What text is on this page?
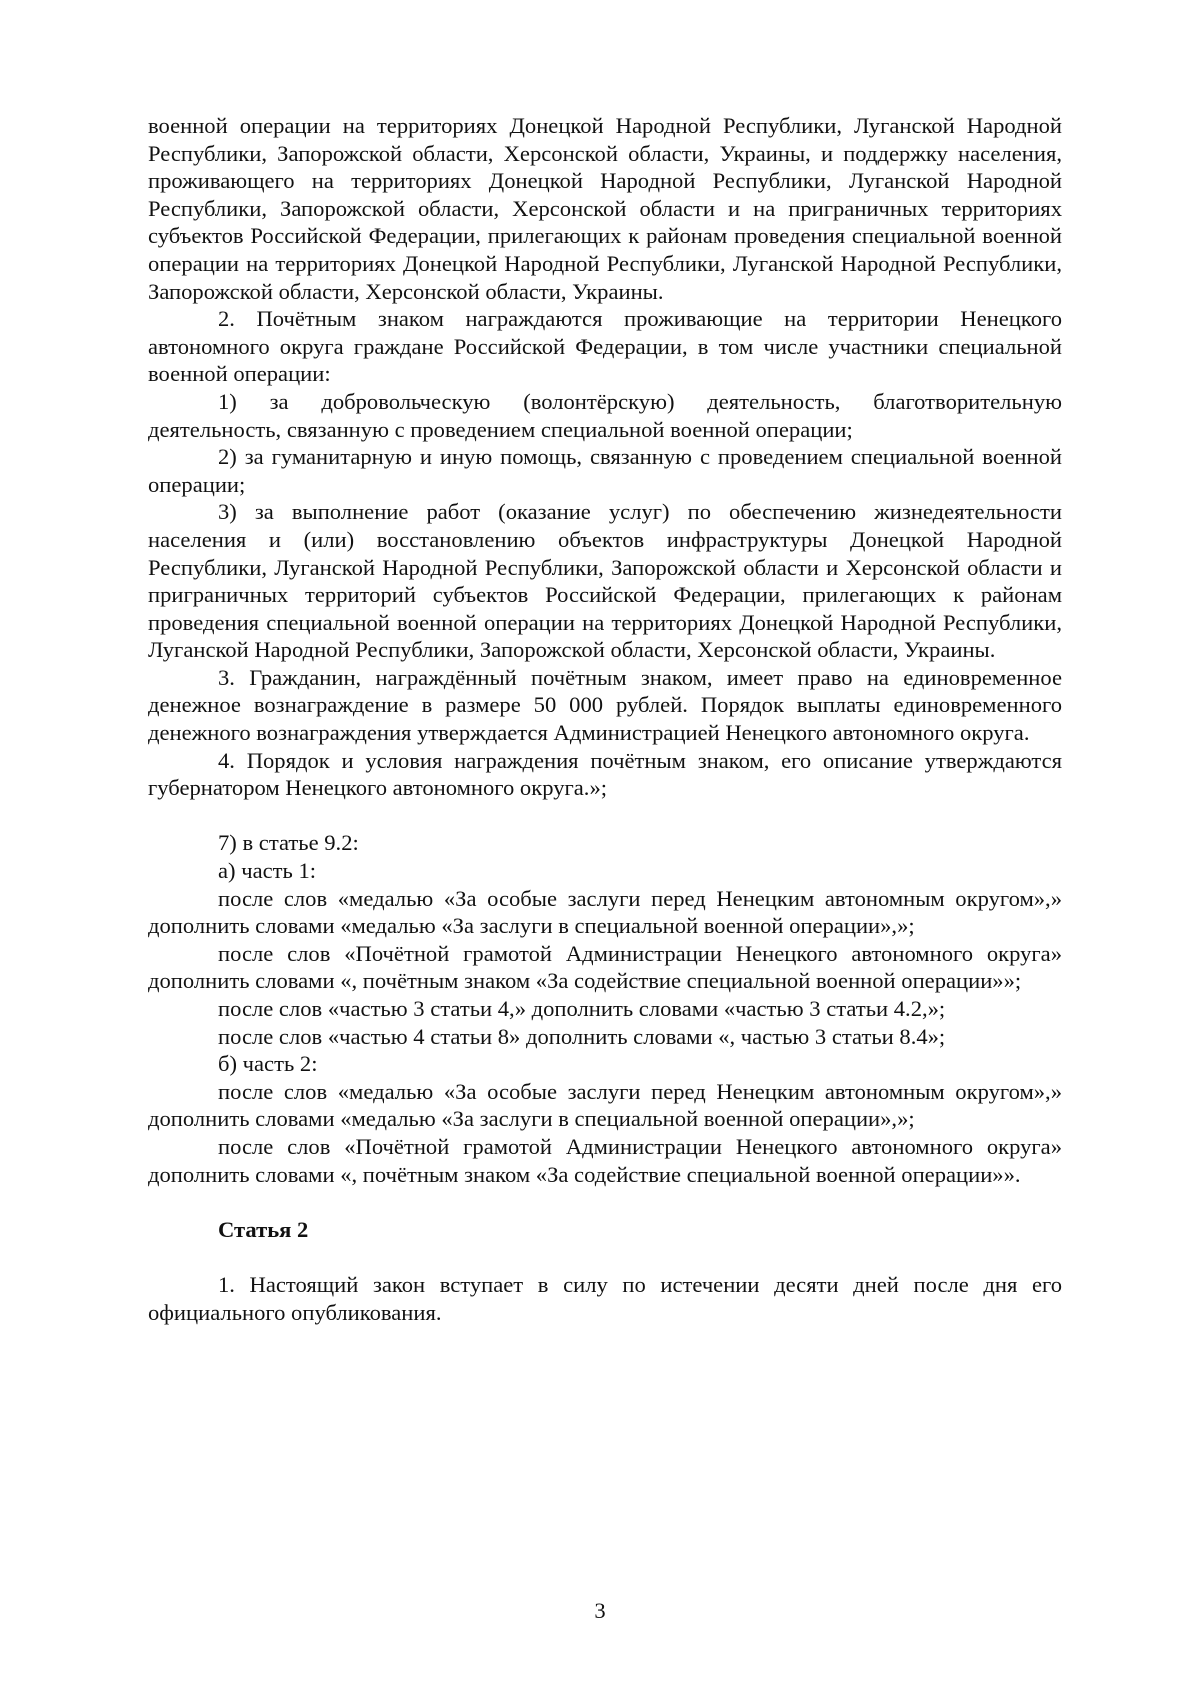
военной операции на территориях Донецкой Народной Республики, Луганской Народной Республики, Запорожской области, Херсонской области, Украины, и поддержку населения, проживающего на территориях Донецкой Народной Республики, Луганской Народной Республики, Запорожской области, Херсонской области и на приграничных территориях субъектов Российской Федерации, прилегающих к районам проведения специальной военной операции на территориях Донецкой Народной Республики, Луганской Народной Республики, Запорожской области, Херсонской области, Украины.

2. Почётным знаком награждаются проживающие на территории Ненецкого автономного округа граждане Российской Федерации, в том числе участники специальной военной операции:

1) за добровольческую (волонтёрскую) деятельность, благотворительную деятельность, связанную с проведением специальной военной операции;

2) за гуманитарную и иную помощь, связанную с проведением специальной военной операции;

3) за выполнение работ (оказание услуг) по обеспечению жизнедеятельности населения и (или) восстановлению объектов инфраструктуры Донецкой Народной Республики, Луганской Народной Республики, Запорожской области и Херсонской области и приграничных территорий субъектов Российской Федерации, прилегающих к районам проведения специальной военной операции на территориях Донецкой Народной Республики, Луганской Народной Республики, Запорожской области, Херсонской области, Украины.

3. Гражданин, награждённый почётным знаком, имеет право на единовременное денежное вознаграждение в размере 50 000 рублей. Порядок выплаты единовременного денежного вознаграждения утверждается Администрацией Ненецкого автономного округа.

4. Порядок и условия награждения почётным знаком, его описание утверждаются губернатором Ненецкого автономного округа.»;

7) в статье 9.2:

а) часть 1:

после слов «медалью «За особые заслуги перед Ненецким автономным округом»,» дополнить словами «медалью «За заслуги в специальной военной операции»,»;

после слов «Почётной грамотой Администрации Ненецкого автономного округа» дополнить словами «, почётным знаком «За содействие специальной военной операции»»;

после слов «частью 3 статьи 4,» дополнить словами «частью 3 статьи 4.2,»;

после слов «частью 4 статьи 8» дополнить словами «, частью 3 статьи 8.4»;

б) часть 2:

после слов «медалью «За особые заслуги перед Ненецким автономным округом»,» дополнить словами «медалью «За заслуги в специальной военной операции»,»;

после слов «Почётной грамотой Администрации Ненецкого автономного округа» дополнить словами «, почётным знаком «За содействие специальной военной операции»».

Статья 2

1. Настоящий закон вступает в силу по истечении десяти дней после дня его официального опубликования.

3
